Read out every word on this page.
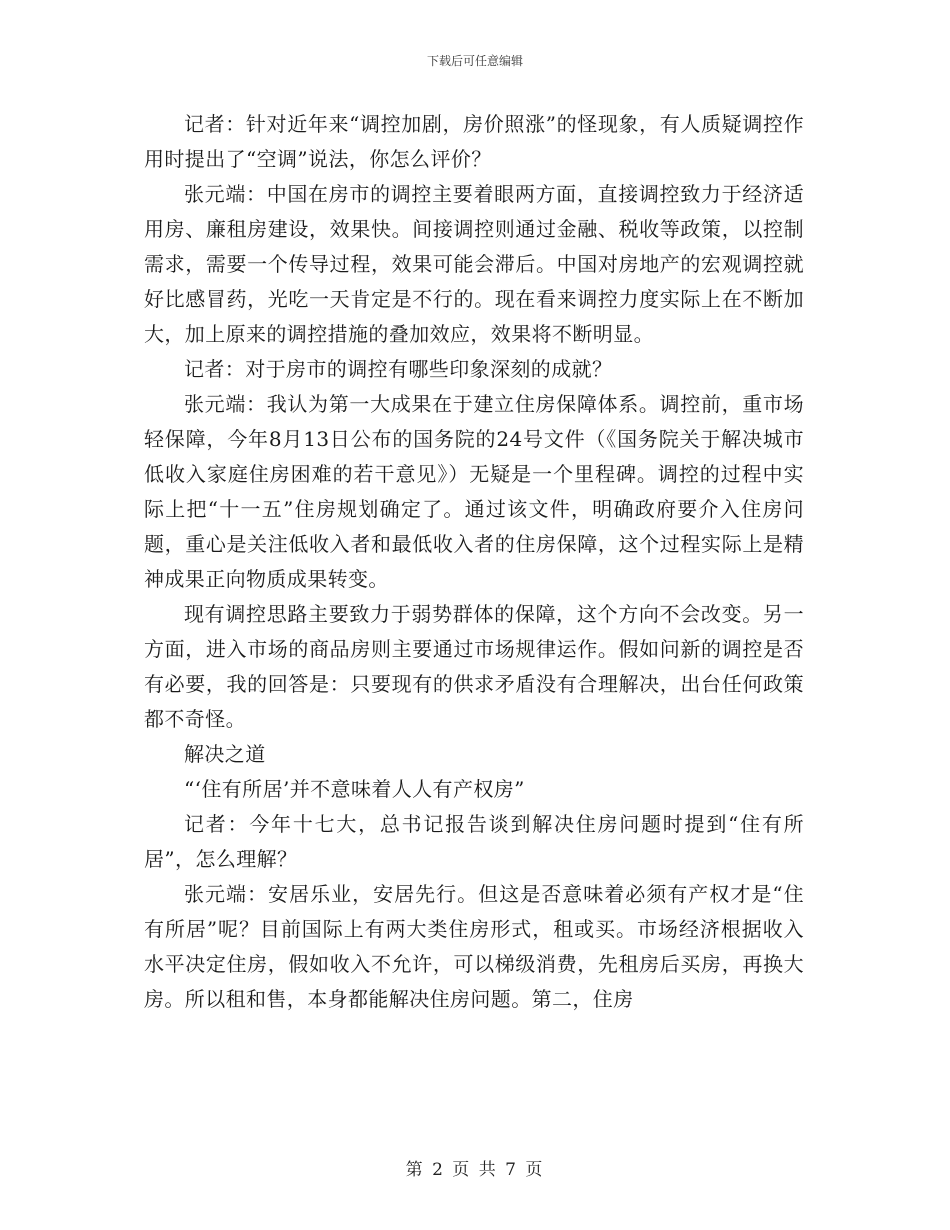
下载后可任意编辑

记者：针对近年来“调控加剧，房价照涨”的怪现象，有人质疑调控作用时提出了“空调”说法，你怎么评价？

张元端：中国在房市的调控主要着眼两方面，直接调控致力于经济适用房、廉租房建设，效果快。间接调控则通过金融、税收等政策，以控制需求，需要一个传导过程，效果可能会滞后。中国对房地产的宏观调控就好比感冒药，光吃一天肯定是不行的。现在看来调控力度实际上在不断加大，加上原来的调控措施的叠加效应，效果将不断明显。

记者：对于房市的调控有哪些印象深刻的成就？

张元端：我认为第一大成果在于建立住房保障体系。调控前，重市场轻保障，今年8月13日公布的国务院的24号文件（《国务院关于解决城市低收入家庭住房困难的若干意见》）无疑是一个里程碑。调控的过程中实际上把“十一五”住房规划确定了。通过该文件，明确政府要介入住房问题，重心是关注低收入者和最低收入者的住房保障，这个过程实际上是精神成果正向物质成果转变。

现有调控思路主要致力于弱势群体的保障，这个方向不会改变。另一方面，进入市场的商品房则主要通过市场规律运作。假如问新的调控是否有必要，我的回答是：只要现有的供求矛盾没有合理解决，出台任何政策都不奇怪。

解决之道

“‘住有所居’并不意味着人人有产权房”

记者：今年十七大，总书记报告谈到解决住房问题时提到“住有所居”，怎么理解？

张元端：安居乐业，安居先行。但这是否意味着必须有产权才是“住有所居”呢？目前国际上有两大类住房形式，租或买。市场经济根据收入水平决定住房，假如收入不允许，可以梯级消费，先租房后买房，再换大房。所以租和售，本身都能解决住房问题。第二，住房

第 2 页 共 7 页
